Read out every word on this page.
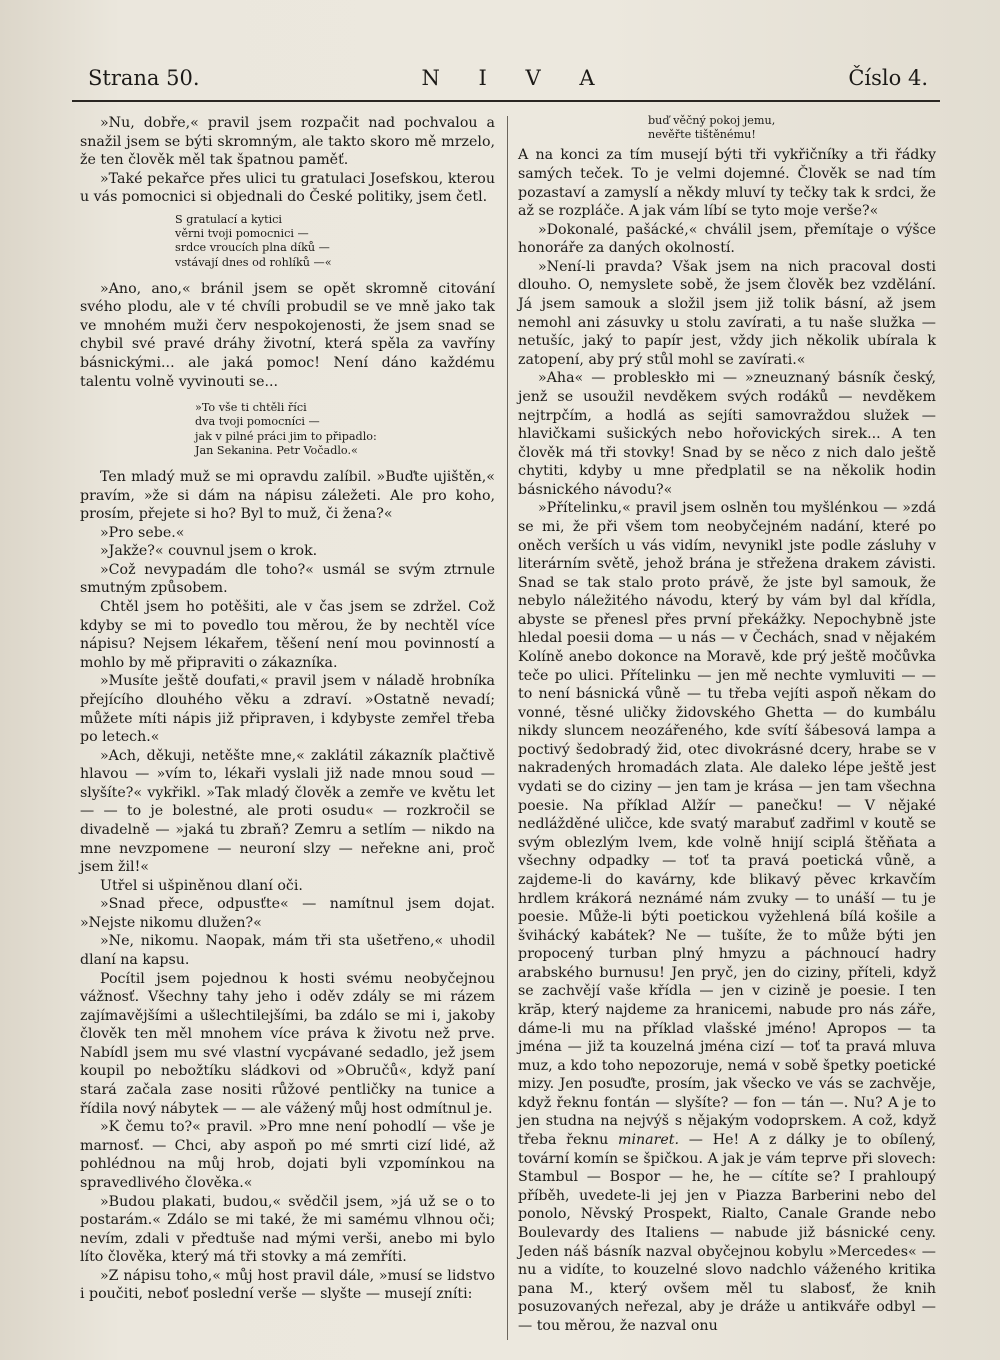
Strana 50.	N I V A	Číslo 4.

»Nu, dobře,« pravil jsem rozpačit nad pochvalou a snažil jsem se býti skromným, ale takto skoro mě mrzelo, že ten člověk měl tak špatnou paměť.

»Také pekařce přes ulici tu gratulaci Josefskou, kterou u vás pomocnici si objednali do České politiky, jsem četl.

S gratulací a kytici
věrni tvoji pomocnici —
srdce vroucích plna díků —
vstávají dnes od rohlíků —«

»Ano, ano,« bránil jsem se opět skromně citování svého plodu, ale v té chvíli probudil se ve mně jako tak ve mnohém muži červ nespokojenosti, že jsem snad se chybil své pravé dráhy životní, která spěla za vavříny básnickými... ale jaká pomoc! Není dáno každému talentu volně vyvinouti se...

»To vše ti chtěli říci
dva tvoji pomocníci —
jak v pilné práci jim to připadlo:
Jan Sekanina. Petr Vočadlo.«

Ten mladý muž se mi opravdu zalíbil. »Buďte ujištěn,« pravím, »že si dám na nápisu záležeti. Ale pro koho, prosím, přejete si ho? Byl to muž, či žena?«

»Pro sebe.«

»Jakže?« couvnul jsem o krok.

»Což nevypadám dle toho?« usmál se svým ztrnule smutným způsobem.

Chtěl jsem ho potěšiti, ale v čas jsem se zdržel. Což kdyby se mi to povedlo tou měrou, že by nechtěl více nápisu? Nejsem lékařem, těšení není mou povinností a mohlo by mě připraviti o zákazníka.

»Musíte ještě doufati,« pravil jsem v náladě hrobníka přejícího dlouhého věku a zdraví. »Ostatně nevadí; můžete míti nápis již připraven, i kdybyste zemřel třeba po letech.«

»Ach, děkuji, netěšte mne,« zaklátil zákazník plačtivě hlavou — »vím to, lékaři vyslali již nade mnou soud — slyšíte?« vykřikl. »Tak mladý člověk a zemře ve květu let — — to je bolestné, ale proti osudu« — rozkročil se divadelně — »jaká tu zbraň? Zemru a setlím — nikdo na mne nevzpomene — neuroní slzy — neřekne ani, proč jsem žil!«

Utřel si ušpiněnou dlaní oči.

»Snad přece, odpusťte« — namítnul jsem dojat. »Nejste nikomu dlužen?«

»Ne, nikomu. Naopak, mám tři sta ušetřeno,« uhodil dlaní na kapsu.

Pocítil jsem pojednou k hosti svému neobyčejnou vážnosť. Všechny tahy jeho i oděv zdály se mi rázem zajímavějšími a ušlechtilejšími, ba zdálo se mi i, jakoby člověk ten měl mnohem více práva k životu než prve. Nabídl jsem mu své vlastní vycpávané sedadlo, jež jsem koupil po nebožtíku sládkovi od »Obručů«, když paní stará začala zase nositi růžové pentličky na tunice a řídila nový nábytek — — ale vážený můj host odmítnul je.

»K čemu to?« pravil. »Pro mne není pohodlí — vše je marnosť. — Chci, aby aspoň po mé smrti cizí lidé, až pohlédnou na můj hrob, dojati byli vzpomínkou na spravedlivého člověka.«

»Budou plakati, budou,« svědčil jsem, »já už se o to postarám.« Zdálo se mi také, že mi samému vlhnou oči; nevím, zdali v předtuše nad mými verši, anebo mi bylo líto člověka, který má tři stovky a má zemříti.

»Z nápisu toho,« můj host pravil dále, »musí se lidstvo i poučiti, neboť poslední verše — slyšte — musejí zníti:

buď věčný pokoj jemu,
nevěřte tištěnému!

A na konci za tím musejí býti tři vykřičníky a tři řádky samých teček. To je velmi dojemné. Člověk se nad tím pozastaví a zamyslí a někdy mluví ty tečky tak k srdci, že až se rozpláče. A jak vám líbí se tyto moje verše?«

»Dokonalé, pašácké,« chválil jsem, přemítaje o výšce honoráře za daných okolností.

»Není-li pravda? Však jsem na nich pracoval dosti dlouho. O, nemyslete sobě, že jsem člověk bez vzdělání. Já jsem samouk a složil jsem již tolik básní, až jsem nemohl ani zásuvky u stolu zavírati, a tu naše služka — netušíc, jaký to papír jest, vždy jich několik ubírala k zatopení, aby prý stůl mohl se zavírati.«

»Aha« — probleskło mi — »zneuznaný básník český, jenž se usoužil nevděkem svých rodáků — nevděkem nejtrpčím, a hodlá as sejíti samovraždou služek — hlavičkami sušických nebo hořovických sirek... A ten člověk má tři stovky! Snad by se něco z nich dalo ještě chytiti, kdyby u mne předplatil se na několik hodin básnického návodu?«

»Přítelinku,« pravil jsem oslněn tou myšlénkou — »zdá se mi, že při všem tom neobyčejném nadání, které po oněch verších u vás vidím, nevynikl jste podle zásluhy v literárním světě, jehož brána je střežena drakem závisti. Snad se tak stalo proto právě, že jste byl samouk, že nebylo náležitého návodu, který by vám byl dal křídla, abyste se přenesl přes první překážky. Nepochybně jste hledal poesii doma — u nás — v Čechách, snad v nějakém Kolíně anebo dokonce na Moravě, kde prý ještě močůvka teče po ulici. Přítelinku — jen mě nechte vymluviti — — to není básnická vůně — tu třeba vejíti aspoň někam do vonné, těsné uličky židovského Ghetta — do kumbálu nikdy sluncem neozářeného, kde svítí šábesová lampa a poctivý šedobradý žid, otec divokrásné dcery, hrabe se v nakradených hromadách zlata. Ale daleko lépe ještě jest vydati se do ciziny — jen tam je krása — jen tam všechna poesie. Na příklad Alžír — panečku! — V nějaké nedlážděné uličce, kde svatý marabuť zadřiml v koutě se svým oblezlým lvem, kde volně hnijí sciplá štěňata a všechny odpadky — toť ta pravá poetická vůně, a zajdeme-li do kavárny, kde blikavý pěvec krkavčím hrdlem krákorá neznámé nám zvuky — to unáší — tu je poesie. Může-li býti poetickou vyžehlená bílá košile a švihácký kabátek? Ne — tušíte, že to může býti jen propocený turban plný hmyzu a páchnoucí hadry arabského burnusu! Jen pryč, jen do ciziny, příteli, když se zachvějí vaše křídla — jen v cizině je poesie. I ten krăp, který najdeme za hranicemi, nabude pro nás záře, dáme-li mu na příklad vlašské jméno! Apropos — ta jména — již ta kouzelná jména cizí — toť ta pravá mluva muz, a kdo toho nepozoruje, nemá v sobě špetky poetické mizy. Jen posuďte, prosím, jak všecko ve vás se zachvěje, když řeknu fontán — slyšíte? — fon — tán —. Nu? A je to jen studna na nejvýš s nějakým vodoprskem. A což, když třeba řeknu minaret. — He! A z dálky je to obílený, tovární komín se špičkou. A jak je vám teprve při slovech: Stambul — Bospor — he, he — cítíte se? I prahloupý příběh, uvedete-li jej jen v Piazza Barberini nebo del ponolo, Něvský Prospekt, Rialto, Canale Grande nebo Boulevardy des Italiens — nabude již básnické ceny. Jeden náš básník nazval obyčejnou kobylu »Mercedes« — nu a vidíte, to kouzelné slovo nadchlo váženého kritika pana M., který ovšem měl tu slabosť, že knih posuzovaných neřezal, aby je dráže u antikváře odbyl — — tou měrou, že nazval onu
